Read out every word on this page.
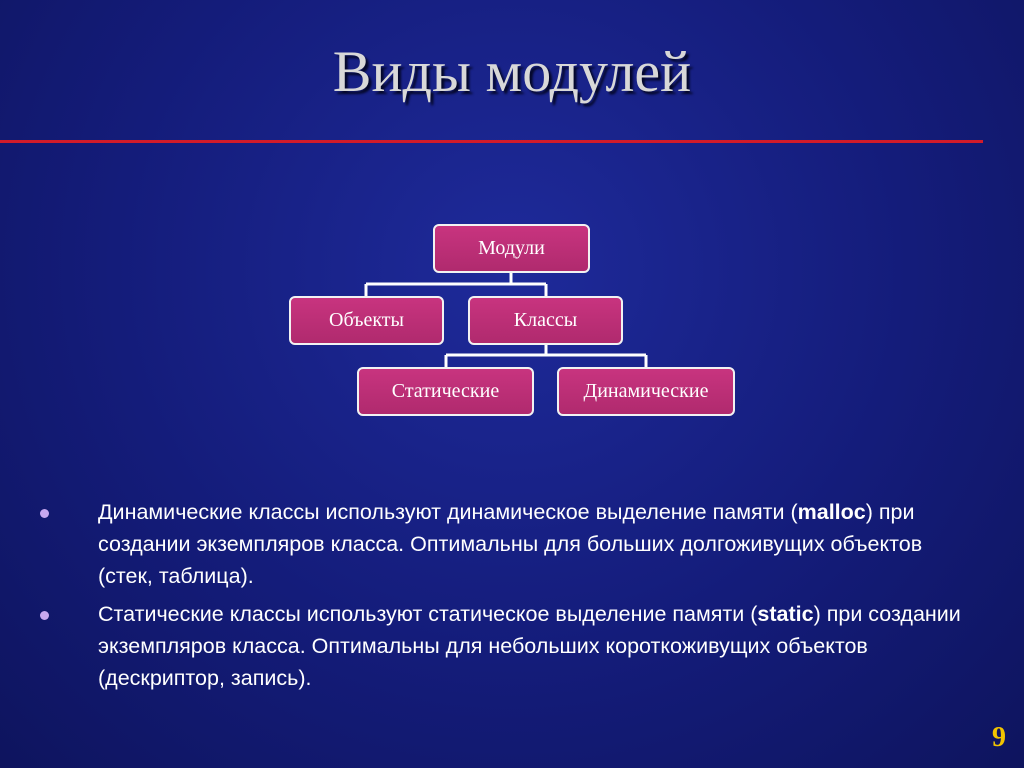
Виды модулей
Модули
Объекты	Классы
Статические	Динамические
Динамические классы используют динамическое выделение памяти (malloc) при создании экземпляров класса. Оптимальны для больших долгоживущих объектов (стек, таблица).
Статические классы используют статическое выделение памяти (static) при создании экземпляров класса. Оптимальны для небольших короткоживущих объектов (дескриптор, запись).
9
